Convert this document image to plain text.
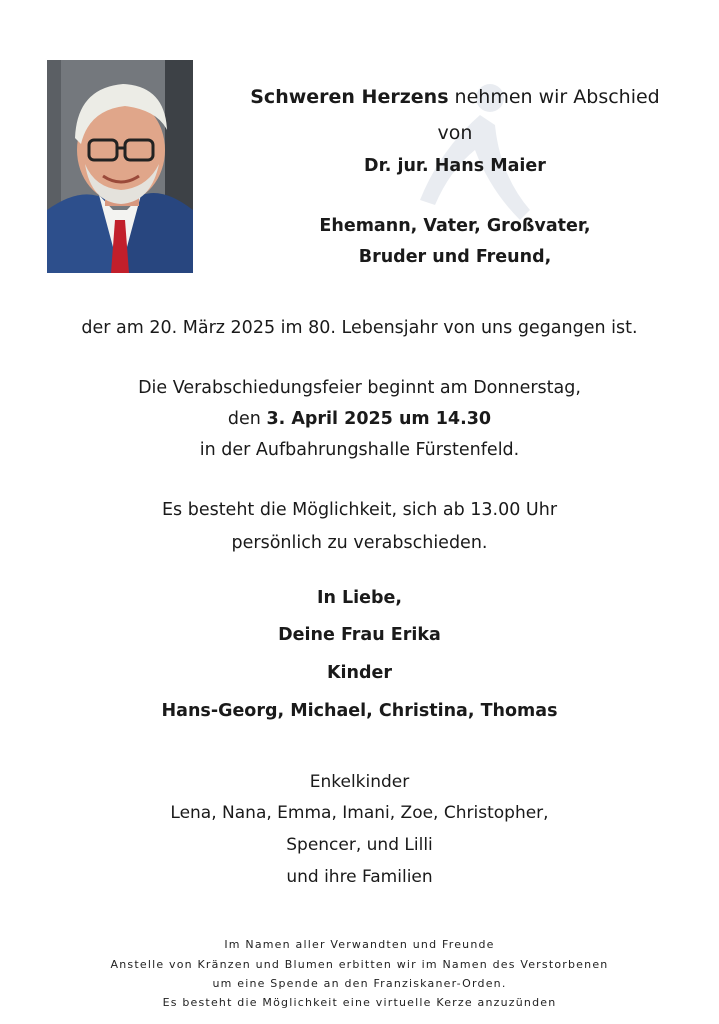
Schweren Herzens nehmen wir Abschied
von
Dr. jur. Hans Maier
Ehemann, Vater, Großvater,
Bruder und Freund,
der am 20. März 2025 im 80. Lebensjahr von uns gegangen ist.
Die Verabschiedungsfeier beginnt am Donnerstag,
den 3. April 2025 um 14.30
in der Aufbahrungshalle Fürstenfeld.
Es besteht die Möglichkeit, sich ab 13.00 Uhr
persönlich zu verabschieden.
In Liebe,
Deine Frau Erika
Kinder
Hans-Georg, Michael, Christina, Thomas
Enkelkinder
Lena, Nana, Emma, Imani, Zoe, Christopher,
Spencer, und Lilli
und ihre Familien
Im Namen aller Verwandten und Freunde
Anstelle von Kränzen und Blumen erbitten wir im Namen des Verstorbenen
um eine Spende an den Franziskaner-Orden.
Es besteht die Möglichkeit eine virtuelle Kerze anzuzünden
